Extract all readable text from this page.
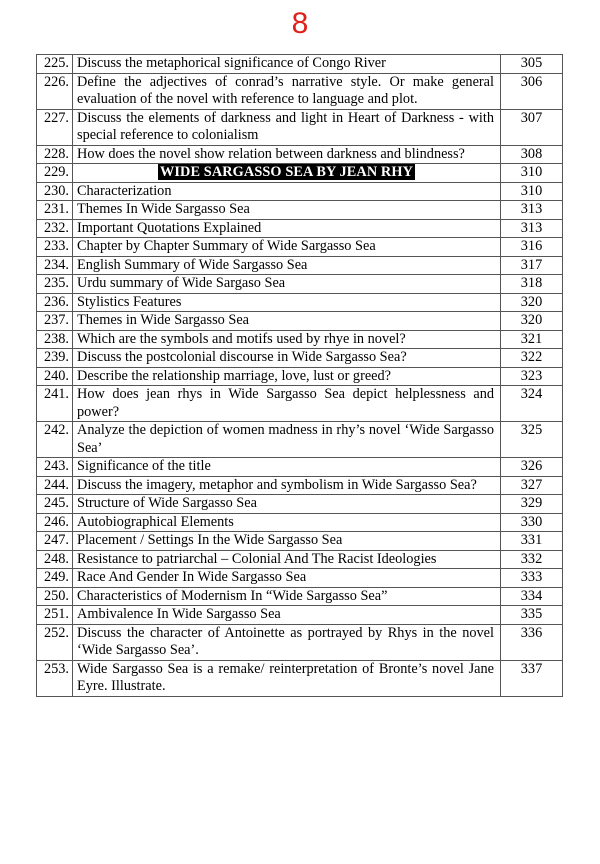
8
225.	Discuss the metaphorical significance of Congo River	305
226.	Define the adjectives of conrad’s narrative style. Or make general evaluation of the novel with reference to language and plot.	306
227.	Discuss the elements of darkness and light in Heart of Darkness - with special reference to colonialism	307
228.	How does the novel show relation between darkness and blindness?	308
229.	WIDE SARGASSO SEA BY JEAN RHY	310
230.	Characterization	310
231.	Themes In Wide Sargasso Sea	313
232.	Important Quotations Explained	313
233.	Chapter by Chapter Summary of Wide Sargasso Sea	316
234.	English Summary of Wide Sargasso Sea	317
235.	Urdu summary of Wide Sargaso Sea	318
236.	Stylistics Features	320
237.	Themes in Wide Sargasso Sea	320
238.	Which are the symbols and motifs used by rhye in novel?	321
239.	Discuss the postcolonial discourse in Wide Sargasso Sea?	322
240.	Describe the relationship marriage, love, lust or greed?	323
241.	How does jean rhys in Wide Sargasso Sea depict helplessness and power?	324
242.	Analyze the depiction of women madness in rhy’s novel ‘Wide Sargasso Sea’	325
243.	Significance of the title	326
244.	Discuss the imagery, metaphor and symbolism in Wide Sargasso Sea?	327
245.	Structure of Wide Sargasso Sea	329
246.	Autobiographical Elements	330
247.	Placement / Settings In the Wide Sargasso Sea	331
248.	Resistance to patriarchal – Colonial And The Racist Ideologies	332
249.	Race And Gender In Wide Sargasso Sea	333
250.	Characteristics of Modernism In “Wide Sargasso Sea”	334
251.	Ambivalence In Wide Sargasso Sea	335
252.	Discuss the character of Antoinette as portrayed by Rhys in the novel ‘Wide Sargasso Sea’.	336
253.	Wide Sargasso Sea is a remake/ reinterpretation of Bronte’s novel Jane Eyre. Illustrate.	337
